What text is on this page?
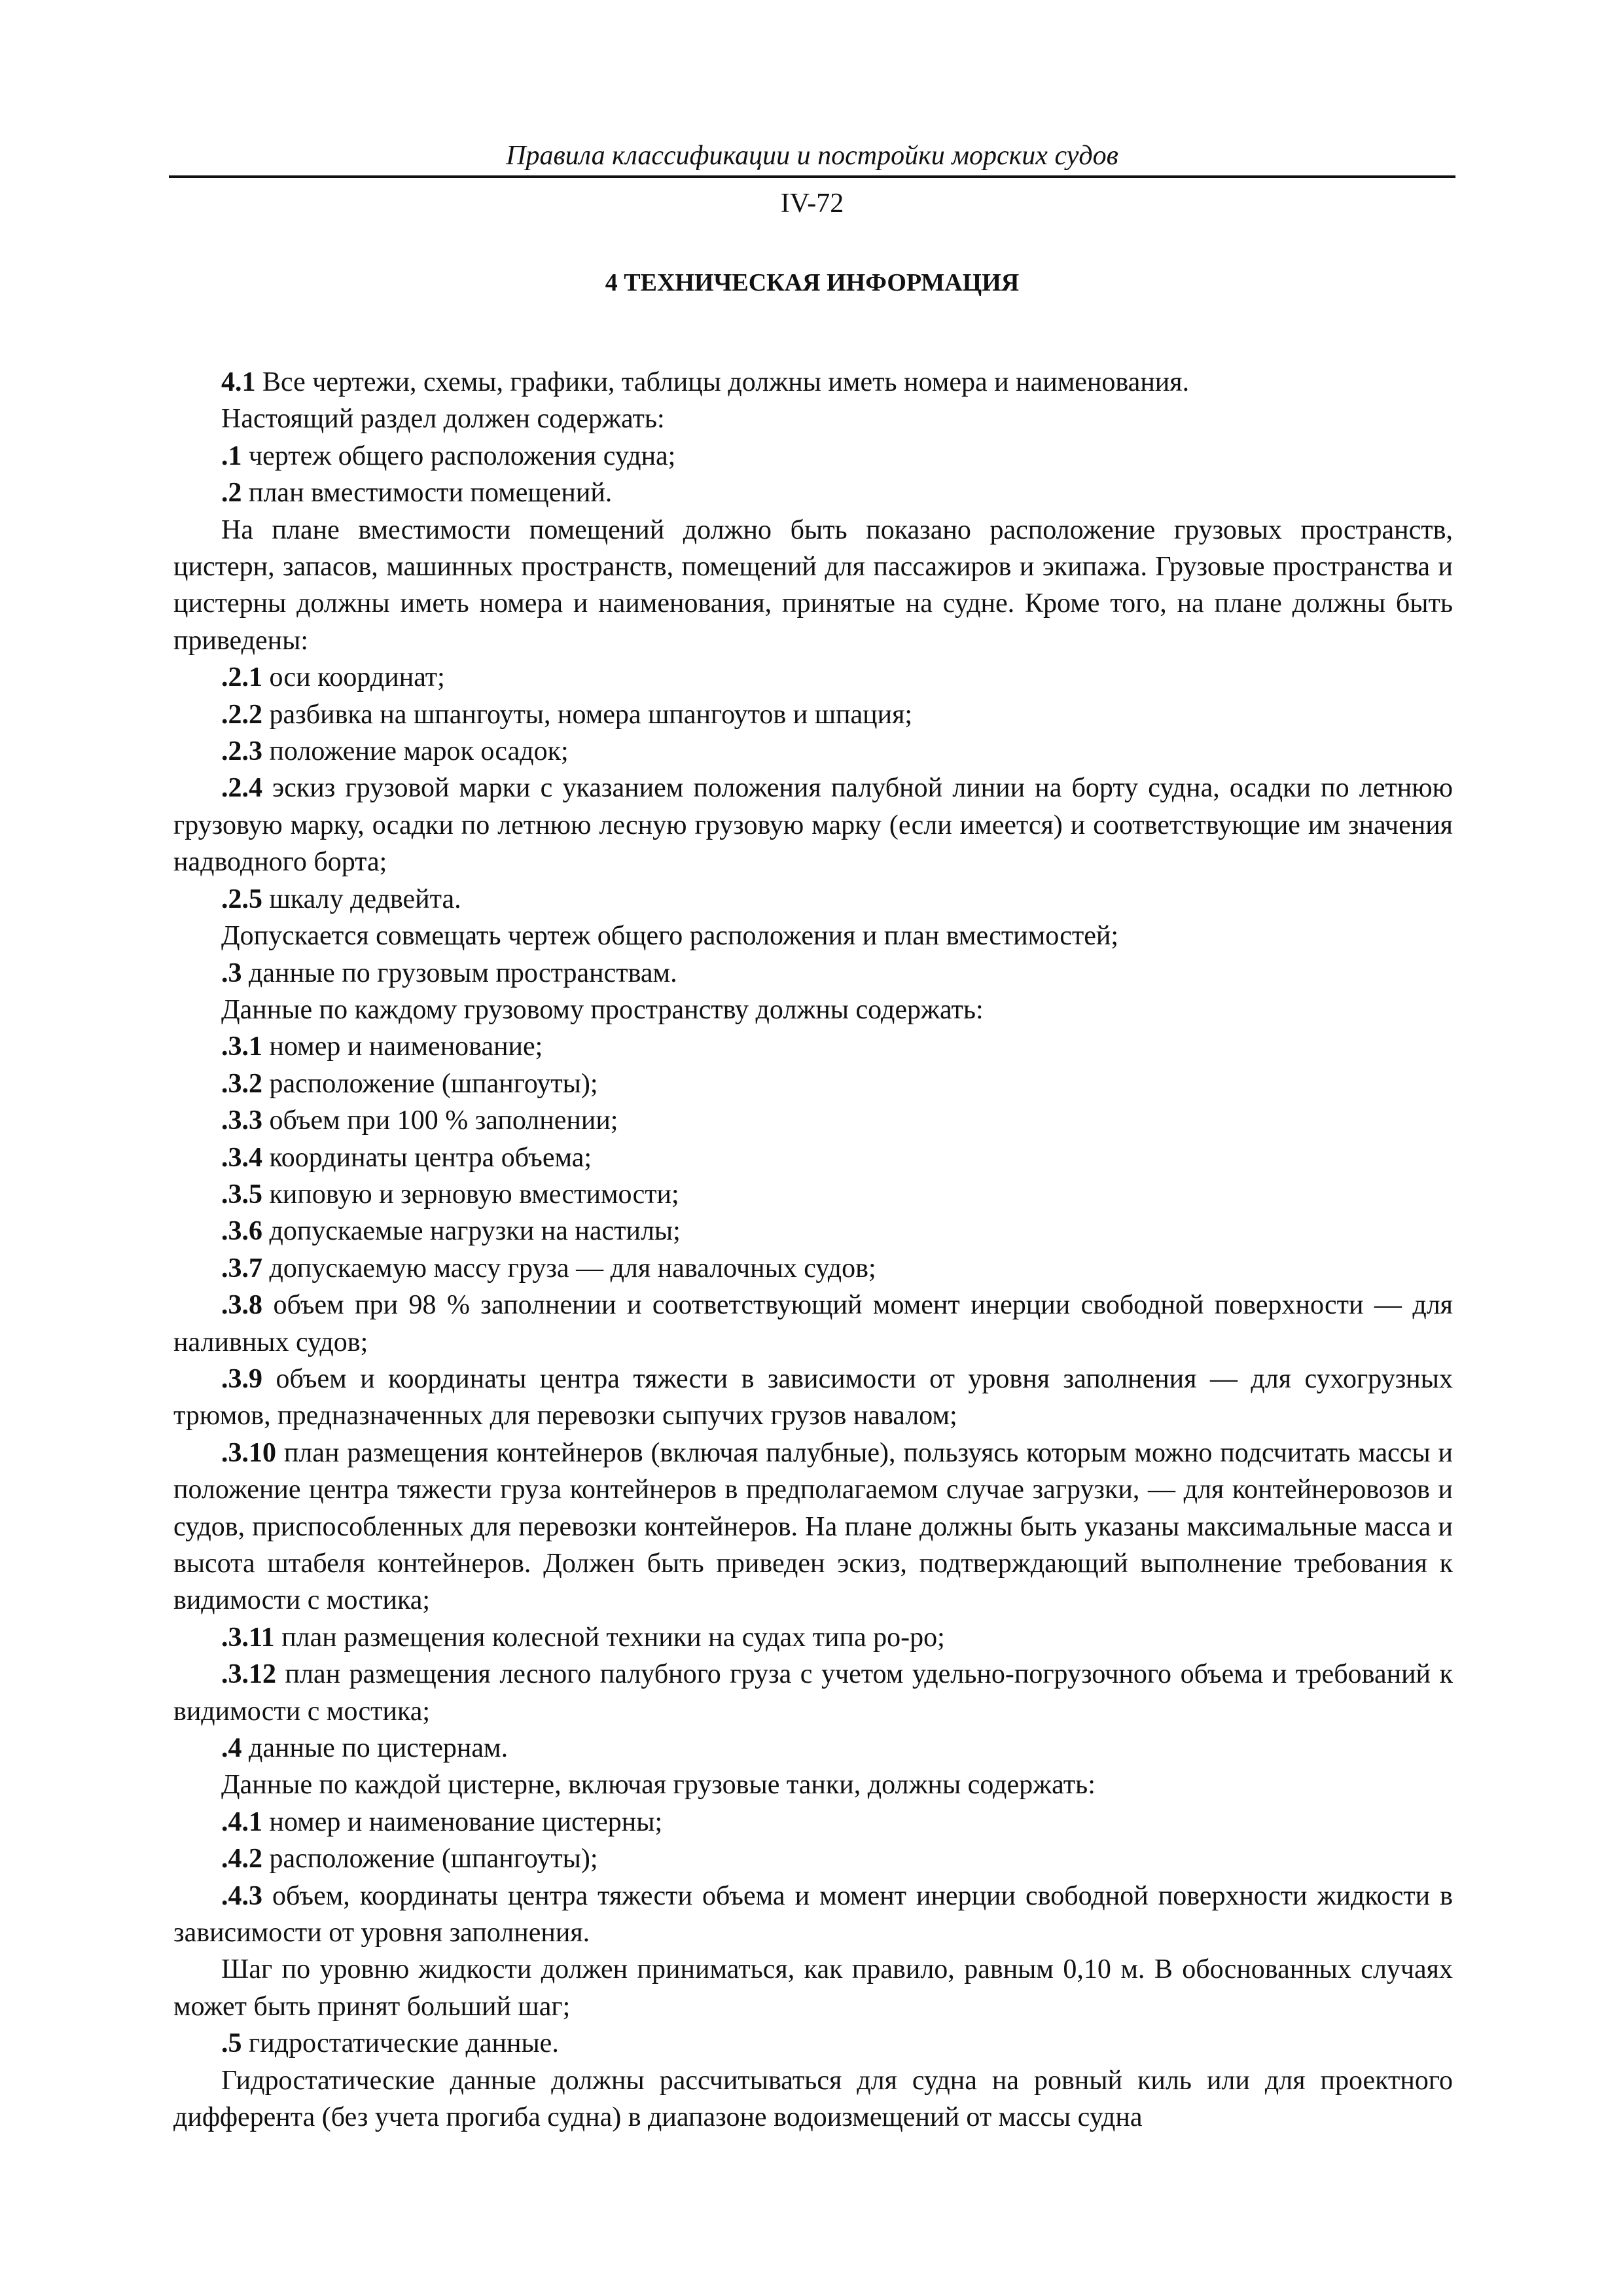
Правила классификации и постройки морских судов
IV-72
4 ТЕХНИЧЕСКАЯ ИНФОРМАЦИЯ

4.1 Все чертежи, схемы, графики, таблицы должны иметь номера и наименования.

Настоящий раздел должен содержать:

.1 чертеж общего расположения судна;

.2 план вместимости помещений.

На плане вместимости помещений должно быть показано расположение грузовых пространств, цистерн, запасов, машинных пространств, помещений для пассажиров и экипажа. Грузовые пространства и цистерны должны иметь номера и наименования, принятые на судне. Кроме того, на плане должны быть приведены:

.2.1 оси координат;

.2.2 разбивка на шпангоуты, номера шпангоутов и шпация;

.2.3 положение марок осадок;

.2.4 эскиз грузовой марки с указанием положения палубной линии на борту судна, осадки по летнюю грузовую марку, осадки по летнюю лесную грузовую марку (если имеется) и соответствующие им значения надводного борта;

.2.5 шкалу дедвейта.

Допускается совмещать чертеж общего расположения и план вместимостей;

.3 данные по грузовым пространствам.

Данные по каждому грузовому пространству должны содержать:

.3.1 номер и наименование;

.3.2 расположение (шпангоуты);

.3.3 объем при 100 % заполнении;

.3.4 координаты центра объема;

.3.5 киповую и зерновую вместимости;

.3.6 допускаемые нагрузки на настилы;

.3.7 допускаемую массу груза — для навалочных судов;

.3.8 объем при 98 % заполнении и соответствующий момент инерции свободной поверхности — для наливных судов;

.3.9 объем и координаты центра тяжести в зависимости от уровня заполнения — для сухогрузных трюмов, предназначенных для перевозки сыпучих грузов навалом;

.3.10 план размещения контейнеров (включая палубные), пользуясь которым можно подсчитать массы и положение центра тяжести груза контейнеров в предполагаемом случае загрузки, — для контейнеровозов и судов, приспособленных для перевозки контейнеров. На плане должны быть указаны максимальные масса и высота штабеля контейнеров. Должен быть приведен эскиз, подтверждающий выполнение требования к видимости с мостика;

.3.11 план размещения колесной техники на судах типа ро-ро;

.3.12 план размещения лесного палубного груза с учетом удельно-погрузочного объема и требований к видимости с мостика;

.4 данные по цистернам.

Данные по каждой цистерне, включая грузовые танки, должны содержать:

.4.1 номер и наименование цистерны;

.4.2 расположение (шпангоуты);

.4.3 объем, координаты центра тяжести объема и момент инерции свободной поверхности жидкости в зависимости от уровня заполнения.

Шаг по уровню жидкости должен приниматься, как правило, равным 0,10 м. В обоснованных случаях может быть принят больший шаг;

.5 гидростатические данные.

Гидростатические данные должны рассчитываться для судна на ровный киль или для проектного дифферента (без учета прогиба судна) в диапазоне водоизмещений от массы судна
